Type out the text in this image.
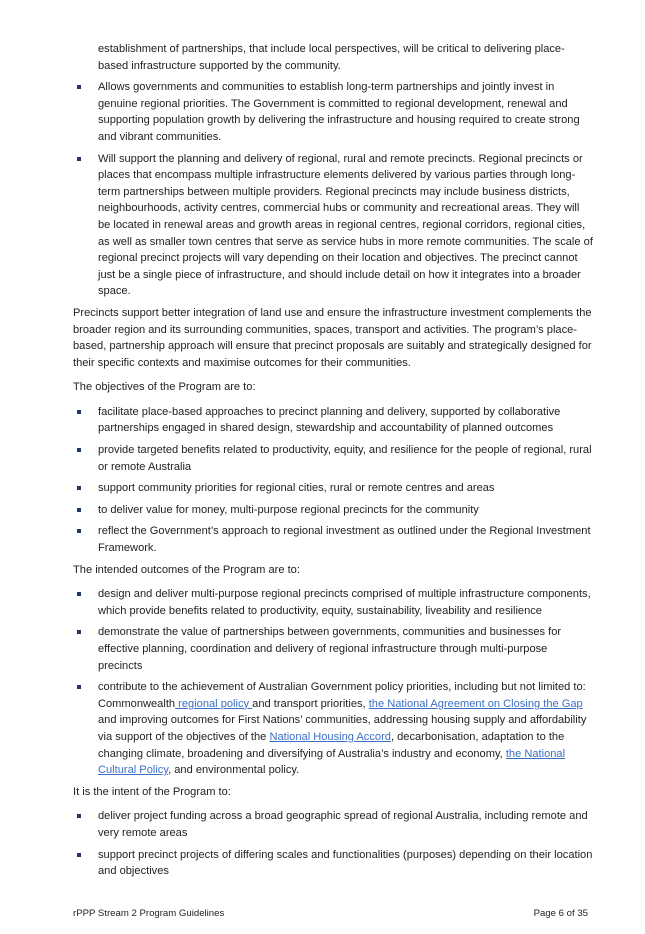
establishment of partnerships, that include local perspectives, will be critical to delivering place-based infrastructure supported by the community.
Allows governments and communities to establish long-term partnerships and jointly invest in genuine regional priorities. The Government is committed to regional development, renewal and supporting population growth by delivering the infrastructure and housing required to create strong and vibrant communities.
Will support the planning and delivery of regional, rural and remote precincts. Regional precincts or places that encompass multiple infrastructure elements delivered by various parties through long-term partnerships between multiple providers. Regional precincts may include business districts, neighbourhoods, activity centres, commercial hubs or community and recreational areas. They will be located in renewal areas and growth areas in regional centres, regional corridors, regional cities, as well as smaller town centres that serve as service hubs in more remote communities. The scale of regional precinct projects will vary depending on their location and objectives. The precinct cannot just be a single piece of infrastructure, and should include detail on how it integrates into a broader space.

Precincts support better integration of land use and ensure the infrastructure investment complements the broader region and its surrounding communities, spaces, transport and activities. The program’s place-based, partnership approach will ensure that precinct proposals are suitably and strategically designed for their specific contexts and maximise outcomes for their communities.

The objectives of the Program are to:

facilitate place-based approaches to precinct planning and delivery, supported by collaborative partnerships engaged in shared design, stewardship and accountability of planned outcomes
provide targeted benefits related to productivity, equity, and resilience for the people of regional, rural or remote Australia
support community priorities for regional cities, rural or remote centres and areas
to deliver value for money, multi-purpose regional precincts for the community
reflect the Government’s approach to regional investment as outlined under the Regional Investment Framework.

The intended outcomes of the Program are to:

design and deliver multi-purpose regional precincts comprised of multiple infrastructure components, which provide benefits related to productivity, equity, sustainability, liveability and resilience
demonstrate the value of partnerships between governments, communities and businesses for effective planning, coordination and delivery of regional infrastructure through multi-purpose precincts
contribute to the achievement of Australian Government policy priorities, including but not limited to: Commonwealth regional policy and transport priorities, the National Agreement on Closing the Gap and improving outcomes for First Nations’ communities, addressing housing supply and affordability via support of the objectives of the National Housing Accord, decarbonisation, adaptation to the changing climate, broadening and diversifying of Australia’s industry and economy, the National Cultural Policy, and environmental policy.

It is the intent of the Program to:

deliver project funding across a broad geographic spread of regional Australia, including remote and very remote areas
support precinct projects of differing scales and functionalities (purposes) depending on their location and objectives
rPPP Stream 2 Program Guidelines	Page 6 of 35
